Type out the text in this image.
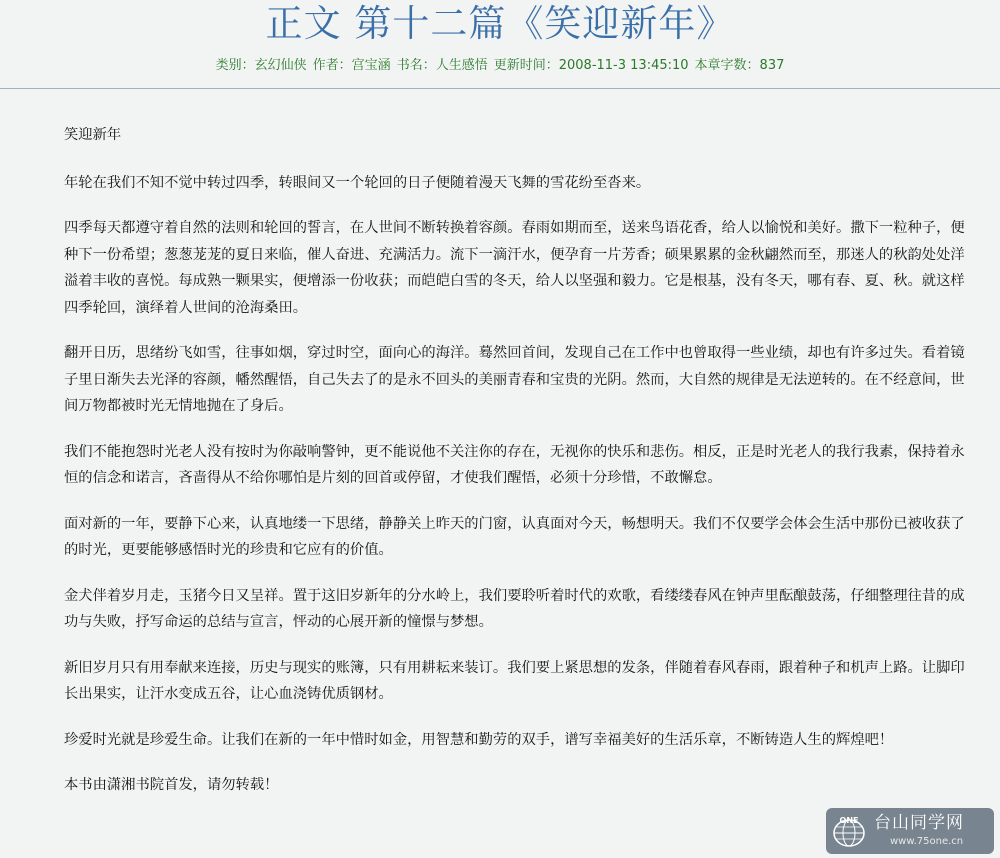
正文 第十二篇《笑迎新年》
类别：玄幻仙侠 作者：宫宝涵 书名：人生感悟 更新时间：2008-11-3 13:45:10 本章字数：837

笑迎新年

年轮在我们不知不觉中转过四季，转眼间又一个轮回的日子便随着漫天飞舞的雪花纷至沓来。

四季每天都遵守着自然的法则和轮回的誓言，在人世间不断转换着容颜。春雨如期而至，送来鸟语花香，给人以愉悦和美好。撒下一粒种子，便种下一份希望；葱葱茏茏的夏日来临，催人奋进、充满活力。流下一滴汗水，便孕育一片芳香；硕果累累的金秋翩然而至，那迷人的秋韵处处洋溢着丰收的喜悦。每成熟一颗果实，便增添一份收获；而皑皑白雪的冬天，给人以坚强和毅力。它是根基，没有冬天，哪有春、夏、秋。就这样四季轮回，演绎着人世间的沧海桑田。

翻开日历，思绪纷飞如雪，往事如烟，穿过时空，面向心的海洋。蓦然回首间，发现自己在工作中也曾取得一些业绩，却也有许多过失。看着镜子里日渐失去光泽的容颜，幡然醒悟，自己失去了的是永不回头的美丽青春和宝贵的光阴。然而，大自然的规律是无法逆转的。在不经意间，世间万物都被时光无情地抛在了身后。

我们不能抱怨时光老人没有按时为你敲响警钟，更不能说他不关注你的存在，无视你的快乐和悲伤。相反，正是时光老人的我行我素，保持着永恒的信念和诺言，吝啬得从不给你哪怕是片刻的回首或停留，才使我们醒悟，必须十分珍惜，不敢懈怠。

面对新的一年，要静下心来，认真地缕一下思绪，静静关上昨天的门窗，认真面对今天，畅想明天。我们不仅要学会体会生活中那份已被收获了的时光，更要能够感悟时光的珍贵和它应有的价值。

金犬伴着岁月走，玉猪今日又呈祥。置于这旧岁新年的分水岭上，我们要聆听着时代的欢歌，看缕缕春风在钟声里酝酿鼓荡，仔细整理往昔的成功与失败，抒写命运的总结与宣言，怦动的心展开新的憧憬与梦想。

新旧岁月只有用奉献来连接，历史与现实的账簿，只有用耕耘来装订。我们要上紧思想的发条，伴随着春风春雨，跟着种子和机声上路。让脚印长出果实，让汗水变成五谷，让心血浇铸优质钢材。

珍爱时光就是珍爱生命。让我们在新的一年中惜时如金，用智慧和勤劳的双手，谱写幸福美好的生活乐章，不断铸造人生的辉煌吧！

本书由潇湘书院首发，请勿转载！

ONE 台山同学网
www.75one.cn
